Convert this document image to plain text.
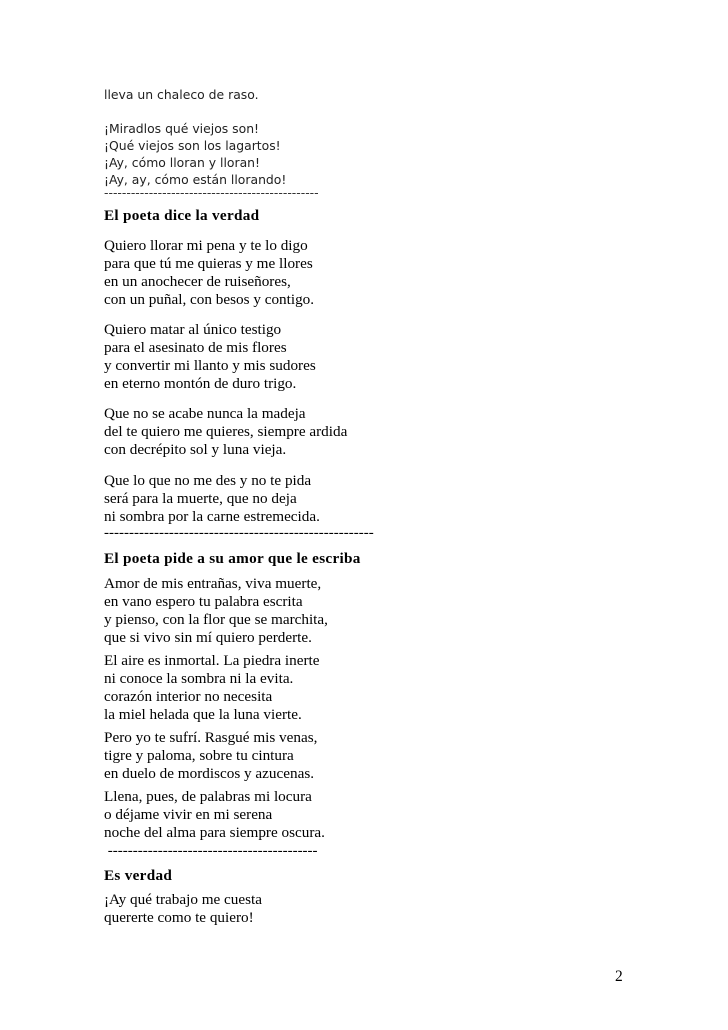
lleva un chaleco de raso.
¡Miradlos qué viejos son!
¡Qué viejos son los lagartos!
¡Ay, cómo lloran y lloran!
¡Ay, ay, cómo están llorando!
------------------------------------------------
El poeta dice la verdad
Quiero llorar mi pena y te lo digo
para que tú me quieras y me llores
en un anochecer de ruiseñores,
con un puñal, con besos y contigo.
Quiero matar al único testigo
para el asesinato de mis flores
y convertir mi llanto y mis sudores
en eterno montón de duro trigo.
Que no se acabe nunca la madeja
del te quiero me quieres, siempre ardida
con decrépito sol y luna vieja.
Que lo que no me des y no te pida
será para la muerte, que no deja
ni sombra por la carne estremecida.
------------------------------------------------------
El poeta pide a su amor que le escriba
Amor de mis entrañas, viva muerte,
en vano espero tu palabra escrita
y pienso, con la flor que se marchita,
que si vivo sin mí quiero perderte.
El aire es inmortal. La piedra inerte
ni conoce la sombra ni la evita.
corazón interior no necesita
la miel helada que la luna vierte.
Pero yo te sufrí. Rasgué mis venas,
tigre y paloma, sobre tu cintura
en duelo de mordiscos y azucenas.
Llena, pues, de palabras mi locura
o déjame vivir en mi serena
noche del alma para siempre oscura.
------------------------------------------
Es verdad
¡Ay qué trabajo me cuesta
quererte como te quiero!
2
